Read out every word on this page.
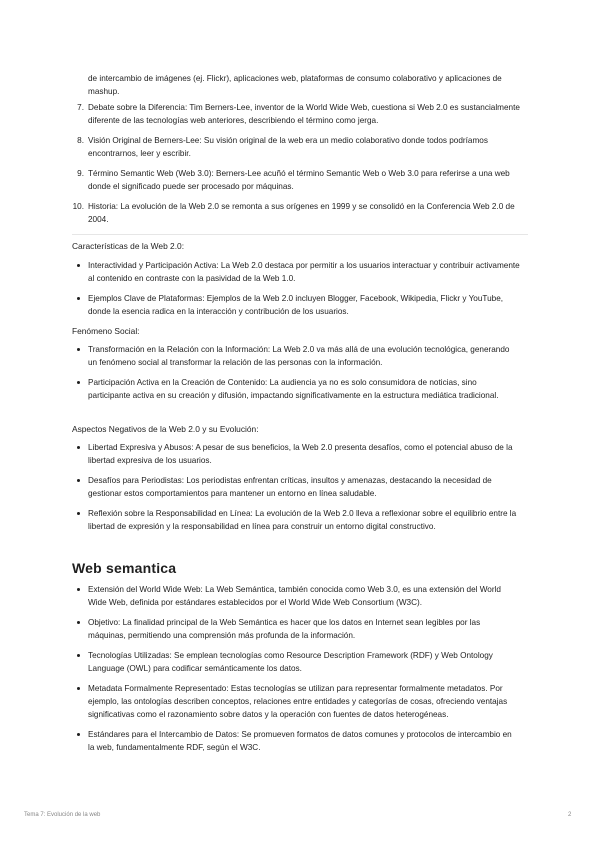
de intercambio de imágenes (ej. Flickr), aplicaciones web, plataformas de consumo colaborativo y aplicaciones de mashup.

7. Debate sobre la Diferencia: Tim Berners-Lee, inventor de la World Wide Web, cuestiona si Web 2.0 es sustancialmente diferente de las tecnologías web anteriores, describiendo el término como jerga.
8. Visión Original de Berners-Lee: Su visión original de la web era un medio colaborativo donde todos podríamos encontrarnos, leer y escribir.
9. Término Semantic Web (Web 3.0): Berners-Lee acuñó el término Semantic Web o Web 3.0 para referirse a una web donde el significado puede ser procesado por máquinas.
10. Historia: La evolución de la Web 2.0 se remonta a sus orígenes en 1999 y se consolidó en la Conferencia Web 2.0 de 2004.

Características de la Web 2.0:

Interactividad y Participación Activa: La Web 2.0 destaca por permitir a los usuarios interactuar y contribuir activamente al contenido en contraste con la pasividad de la Web 1.0.
Ejemplos Clave de Plataformas: Ejemplos de la Web 2.0 incluyen Blogger, Facebook, Wikipedia, Flickr y YouTube, donde la esencia radica en la interacción y contribución de los usuarios.

Fenómeno Social:

Transformación en la Relación con la Información: La Web 2.0 va más allá de una evolución tecnológica, generando un fenómeno social al transformar la relación de las personas con la información.
Participación Activa en la Creación de Contenido: La audiencia ya no es solo consumidora de noticias, sino participante activa en su creación y difusión, impactando significativamente en la estructura mediática tradicional.

Aspectos Negativos de la Web 2.0 y su Evolución:

Libertad Expresiva y Abusos: A pesar de sus beneficios, la Web 2.0 presenta desafíos, como el potencial abuso de la libertad expresiva de los usuarios.
Desafíos para Periodistas: Los periodistas enfrentan críticas, insultos y amenazas, destacando la necesidad de gestionar estos comportamientos para mantener un entorno en línea saludable.
Reflexión sobre la Responsabilidad en Línea: La evolución de la Web 2.0 lleva a reflexionar sobre el equilibrio entre la libertad de expresión y la responsabilidad en línea para construir un entorno digital constructivo.
Web semantica
Extensión del World Wide Web: La Web Semántica, también conocida como Web 3.0, es una extensión del World Wide Web, definida por estándares establecidos por el World Wide Web Consortium (W3C).
Objetivo: La finalidad principal de la Web Semántica es hacer que los datos en Internet sean legibles por las máquinas, permitiendo una comprensión más profunda de la información.
Tecnologías Utilizadas: Se emplean tecnologías como Resource Description Framework (RDF) y Web Ontology Language (OWL) para codificar semánticamente los datos.
Metadata Formalmente Representado: Estas tecnologías se utilizan para representar formalmente metadatos. Por ejemplo, las ontologías describen conceptos, relaciones entre entidades y categorías de cosas, ofreciendo ventajas significativas como el razonamiento sobre datos y la operación con fuentes de datos heterogéneas.
Estándares para el Intercambio de Datos: Se promueven formatos de datos comunes y protocolos de intercambio en la web, fundamentalmente RDF, según el W3C.
Tema 7: Evolución de la web	2
